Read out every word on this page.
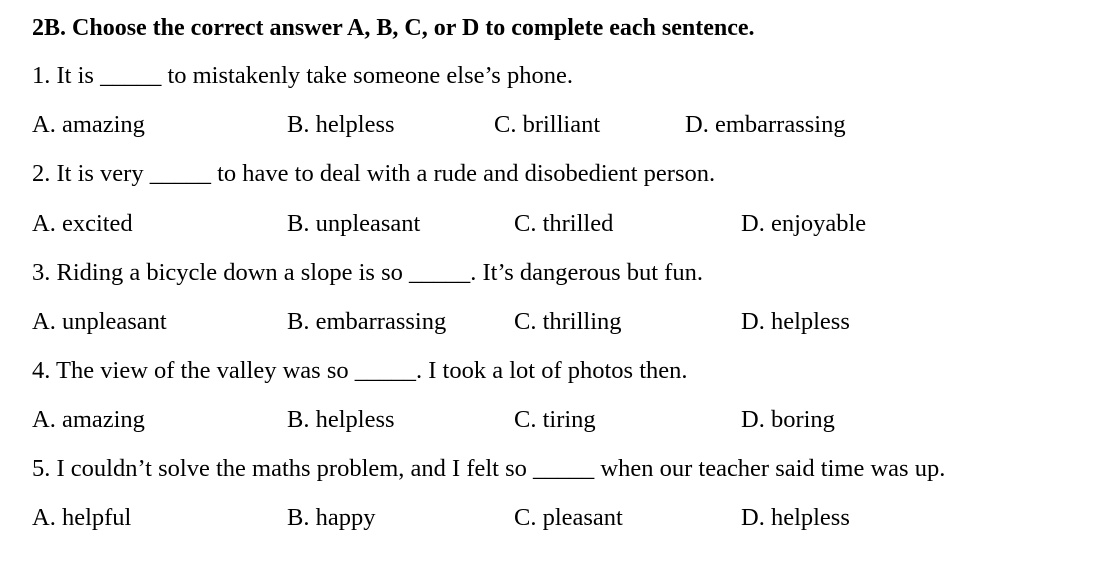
2B. Choose the correct answer A, B, C, or D to complete each sentence.
1. It is _____ to mistakenly take someone else’s phone.
A. amazing	B. helpless	C. brilliant	D. embarrassing
2. It is very _____ to have to deal with a rude and disobedient person.
A. excited	B. unpleasant	C. thrilled	D. enjoyable
3. Riding a bicycle down a slope is so _____. It’s dangerous but fun.
A. unpleasant	B. embarrassing	C. thrilling	D. helpless
4. The view of the valley was so _____. I took a lot of photos then.
A. amazing	B. helpless	C. tiring	D. boring
5. I couldn’t solve the maths problem, and I felt so _____ when our teacher said time was up.
A. helpful	B. happy	C. pleasant	D. helpless
